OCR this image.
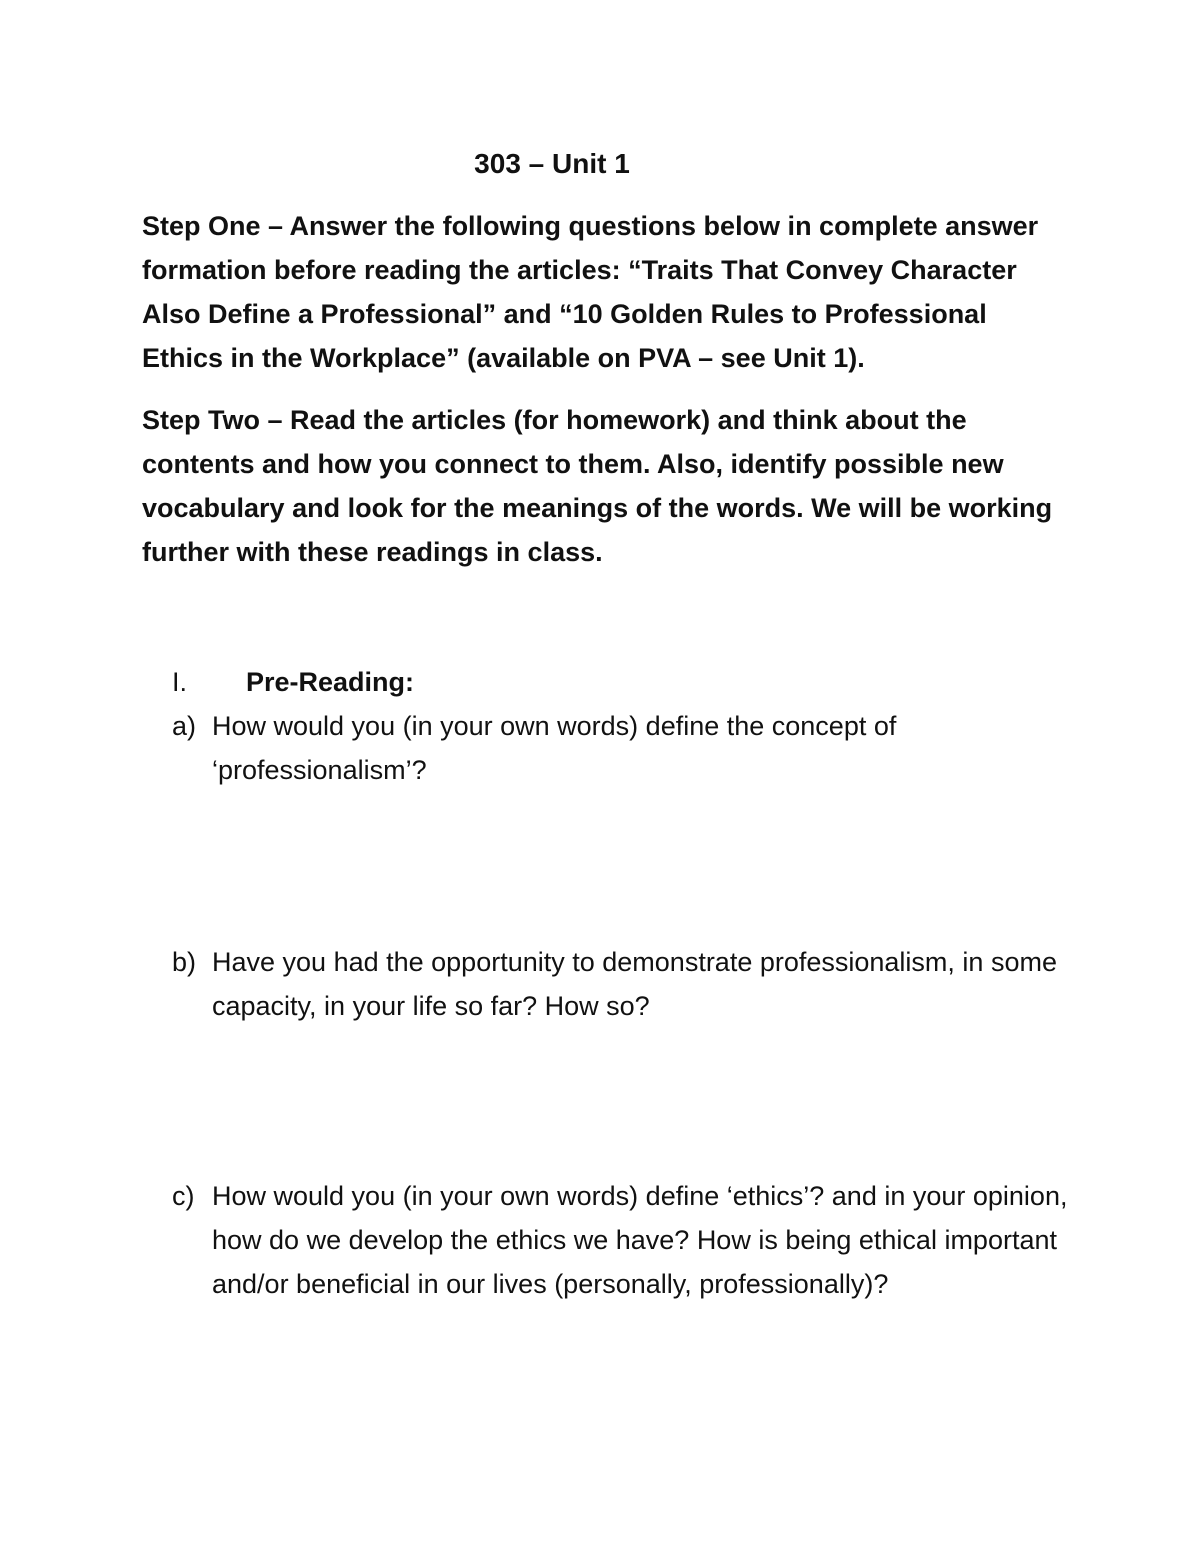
303 – Unit 1

Step One – Answer the following questions below in complete answer formation before reading the articles: “Traits That Convey Character Also Define a Professional” and “10 Golden Rules to Professional Ethics in the Workplace” (available on PVA – see Unit 1).

Step Two – Read the articles (for homework) and think about the contents and how you connect to them. Also, identify possible new vocabulary and look for the meanings of the words. We will be working further with these readings in class.

I. Pre-Reading:
a) How would you (in your own words) define the concept of ‘professionalism’?
b) Have you had the opportunity to demonstrate professionalism, in some capacity, in your life so far? How so?
c) How would you (in your own words) define ‘ethics’? and in your opinion, how do we develop the ethics we have? How is being ethical important and/or beneficial in our lives (personally, professionally)?
